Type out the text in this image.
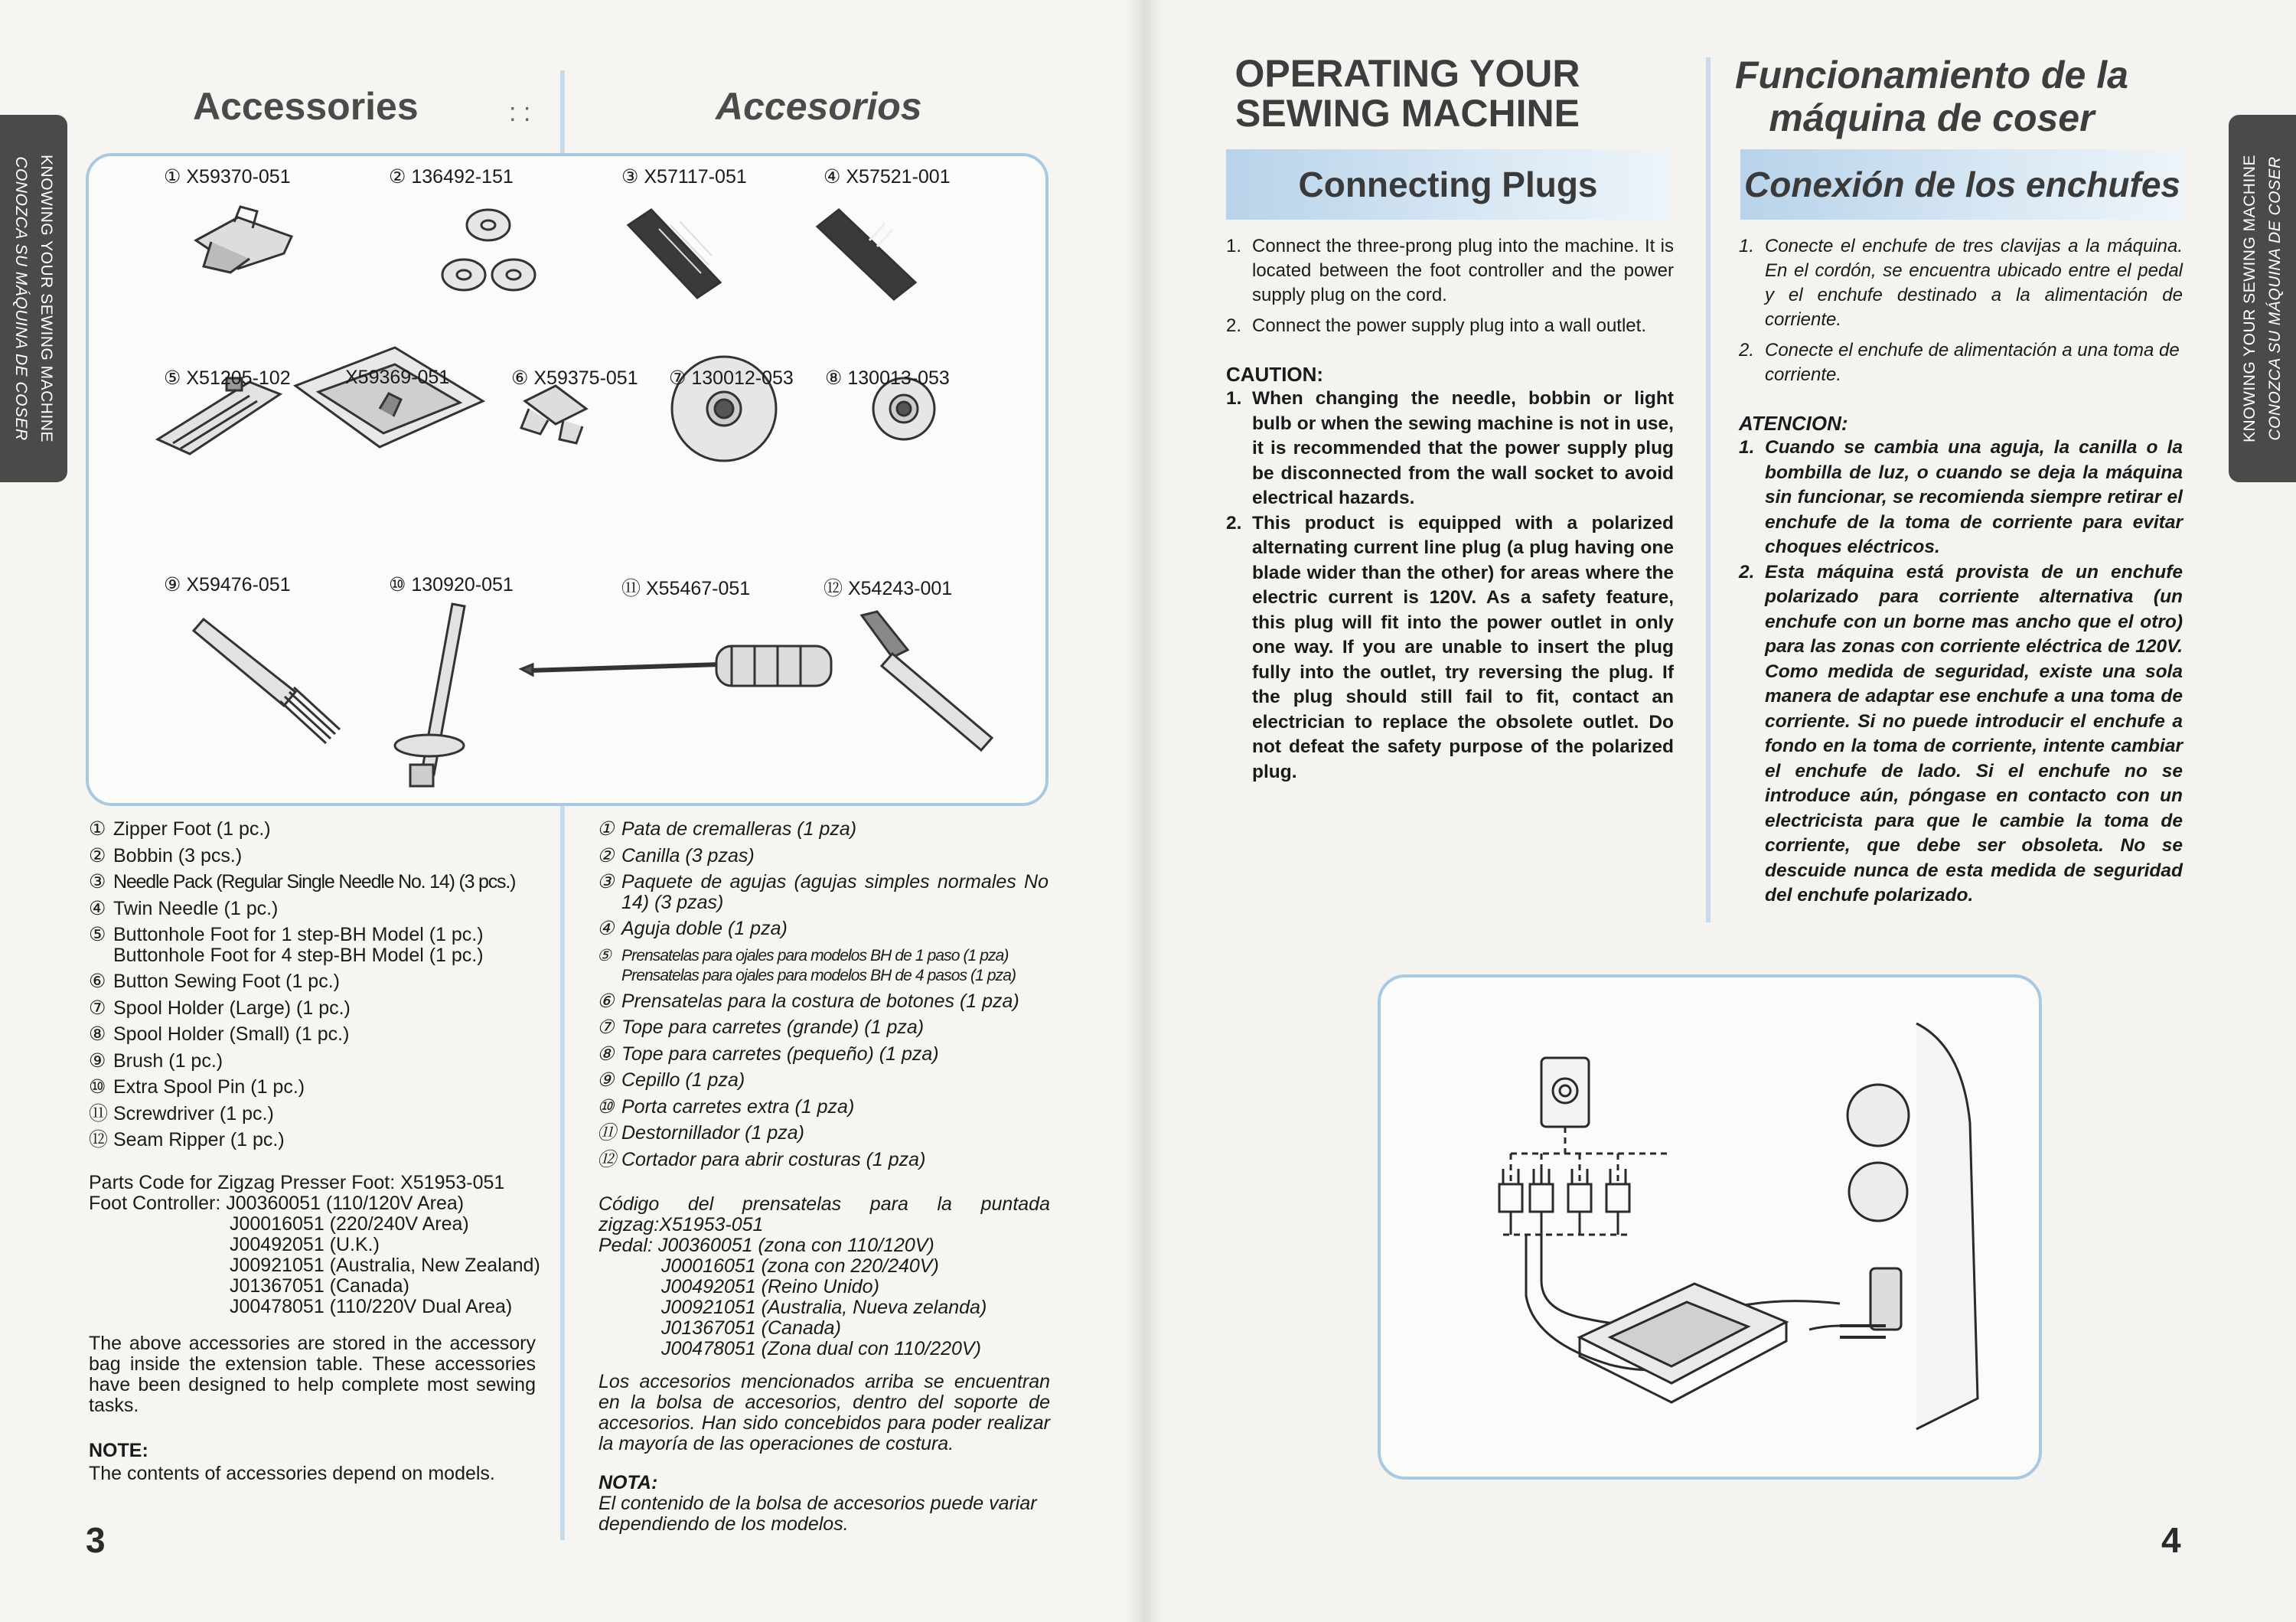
KNOWING YOUR SEWING MACHINE
CONOZCA SU MÁQUINA DE COSER
Accessories	: :	Accesorios
① X59370-051	② 136492-151	③ X57117-051	④ X57521-001
⑤ X51205-102	X59369-051	⑥ X59375-051 ⑦ 130012-053 ⑧ 130013-053
⑨ X59476-051	⑩ 130920-051	⑪ X55467-051	⑫ X54243-001
① Zipper Foot (1 pc.)
② Bobbin (3 pcs.)
③ Needle Pack (Regular Single Needle No. 14) (3 pcs.)
④ Twin Needle (1 pc.)
⑤ Buttonhole Foot for 1 step-BH Model (1 pc.)
Buttonhole Foot for 4 step-BH Model (1 pc.)
⑥ Button Sewing Foot (1 pc.)
⑦ Spool Holder (Large) (1 pc.)
⑧ Spool Holder (Small) (1 pc.)
⑨ Brush (1 pc.)
⑩ Extra Spool Pin (1 pc.)
⑪ Screwdriver (1 pc.)
⑫ Seam Ripper (1 pc.)
Parts Code for Zigzag Presser Foot: X51953-051
Foot Controller: J00360051 (110/120V Area)
J00016051 (220/240V Area)
J00492051 (U.K.)
J00921051 (Australia, New Zealand)
J01367051 (Canada)
J00478051 (110/220V Dual Area)
The above accessories are stored in the accessory bag inside the extension table. These accessories have been designed to help complete most sewing tasks.
NOTE:
The contents of accessories depend on models.
3
① Pata de cremalleras (1 pza)
② Canilla (3 pzas)
③ Paquete de agujas (agujas simples normales No 14) (3 pzas)
④ Aguja doble (1 pza)
⑤ Prensatelas para ojales para modelos BH de 1 paso (1 pza)
Prensatelas para ojales para modelos BH de 4 pasos (1 pza)
⑥ Prensatelas para la costura de botones (1 pza)
⑦ Tope para carretes (grande) (1 pza)
⑧ Tope para carretes (pequeño) (1 pza)
⑨ Cepillo (1 pza)
⑩ Porta carretes extra (1 pza)
⑪ Destornillador (1 pza)
⑫ Cortador para abrir costuras (1 pza)
Código del prensatelas para la puntada
zigzag:X51953-051
Pedal: J00360051 (zona con 110/120V)
J00016051 (zona con 220/240V)
J00492051 (Reino Unido)
J00921051 (Australia, Nueva zelanda)
J01367051 (Canada)
J00478051 (Zona dual con 110/220V)
Los accesorios mencionados arriba se encuentran en la bolsa de accesorios, dentro del soporte de accesorios. Han sido concebidos para poder realizar la mayoría de las operaciones de costura.
NOTA:
El contenido de la bolsa de accesorios puede variar dependiendo de los modelos.
OPERATING YOUR
SEWING MACHINE
Funcionamiento de la
máquina de coser
Connecting Plugs	Conexión de los enchufes	KNOWING YOUR SEWING MACHINE CONOZCA SU MÁQUINA DE COSER
1. Connect the three-prong plug into the machine. It is located between the foot controller and the power supply plug on the cord.
2. Connect the power supply plug into a wall outlet.
CAUTION:
1. When changing the needle, bobbin or light bulb or when the sewing machine is not in use, it is recommended that the power supply plug be disconnected from the wall socket to avoid electrical hazards.
2. This product is equipped with a polarized alternating current line plug (a plug having one blade wider than the other) for areas where the electric current is 120V. As a safety feature, this plug will fit into the power outlet in only one way. If you are unable to insert the plug fully into the outlet, try reversing the plug. If the plug should still fail to fit, contact an electrician to replace the obsolete outlet. Do not defeat the safety purpose of the polarized plug.
1. Conecte el enchufe de tres clavijas a la máquina. En el cordón, se encuentra ubicado entre el pedal y el enchufe destinado a la alimentación de corriente.
2. Conecte el enchufe de alimentación a una toma de corriente.
ATENCION:
1. Cuando se cambia una aguja, la canilla o la bombilla de luz, o cuando se deja la máquina sin funcionar, se recomienda siempre retirar el enchufe de la toma de corriente para evitar choques eléctricos.
2. Esta máquina está provista de un enchufe polarizado para corriente alternativa (un enchufe con un borne mas ancho que el otro) para las zonas con corriente eléctrica de 120V. Como medida de seguridad, existe una sola manera de adaptar ese enchufe a una toma de corriente. Si no puede introducir el enchufe a fondo en la toma de corriente, intente cambiar el enchufe de lado. Si el enchufe no se introduce aún, póngase en contacto con un electricista para que le cambie la toma de corriente, que debe ser obsoleta. No se descuide nunca de esta medida de seguridad del enchufe polarizado.
4
